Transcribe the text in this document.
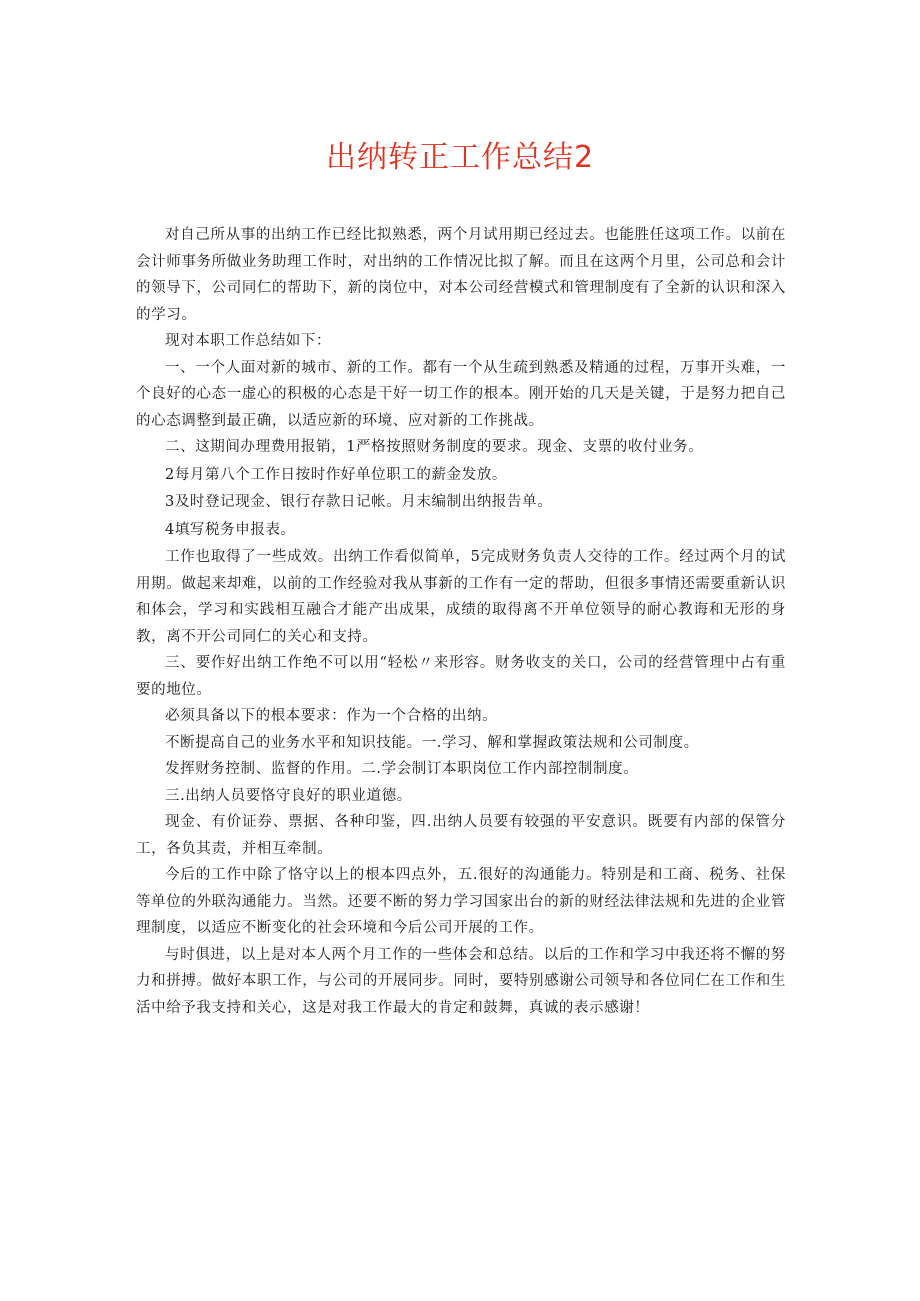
出纳转正工作总结2

对自己所从事的出纳工作已经比拟熟悉，两个月试用期已经过去。也能胜任这项工作。以前在会计师事务所做业务助理工作时，对出纳的工作情况比拟了解。而且在这两个月里，公司总和会计的领导下，公司同仁的帮助下，新的岗位中，对本公司经营模式和管理制度有了全新的认识和深入的学习。

现对本职工作总结如下：

一、一个人面对新的城市、新的工作。都有一个从生疏到熟悉及精通的过程，万事开头难，一个良好的心态一虚心的积极的心态是干好一切工作的根本。刚开始的几天是关键，于是努力把自己的心态调整到最正确，以适应新的环境、应对新的工作挑战。

二、这期间办理费用报销，1严格按照财务制度的要求。现金、支票的收付业务。

2每月第八个工作日按时作好单位职工的薪金发放。

3及时登记现金、银行存款日记帐。月末编制出纳报告单。

4填写税务申报表。

工作也取得了一些成效。出纳工作看似简单，5完成财务负责人交待的工作。经过两个月的试用期。做起来却难，以前的工作经验对我从事新的工作有一定的帮助，但很多事情还需要重新认识和体会，学习和实践相互融合才能产出成果，成绩的取得离不开单位领导的耐心教诲和无形的身教，离不开公司同仁的关心和支持。

三、要作好出纳工作绝不可以用“轻松〃来形容。财务收支的关口，公司的经营管理中占有重要的地位。

必须具备以下的根本要求：作为一个合格的出纳。

不断提高自己的业务水平和知识技能。一.学习、解和掌握政策法规和公司制度。

发挥财务控制、监督的作用。二.学会制订本职岗位工作内部控制制度。

三.出纳人员要恪守良好的职业道德。

现金、有价证券、票据、各种印鉴，四.出纳人员要有较强的平安意识。既要有内部的保管分工，各负其责，并相互牵制。

今后的工作中除了恪守以上的根本四点外，五.很好的沟通能力。特别是和工商、税务、社保等单位的外联沟通能力。当然。还要不断的努力学习国家出台的新的财经法律法规和先进的企业管理制度，以适应不断变化的社会环境和今后公司开展的工作。

与时俱进，以上是对本人两个月工作的一些体会和总结。以后的工作和学习中我还将不懈的努力和拼搏。做好本职工作，与公司的开展同步。同时，要特别感谢公司领导和各位同仁在工作和生活中给予我支持和关心，这是对我工作最大的肯定和鼓舞，真诚的表示感谢！
